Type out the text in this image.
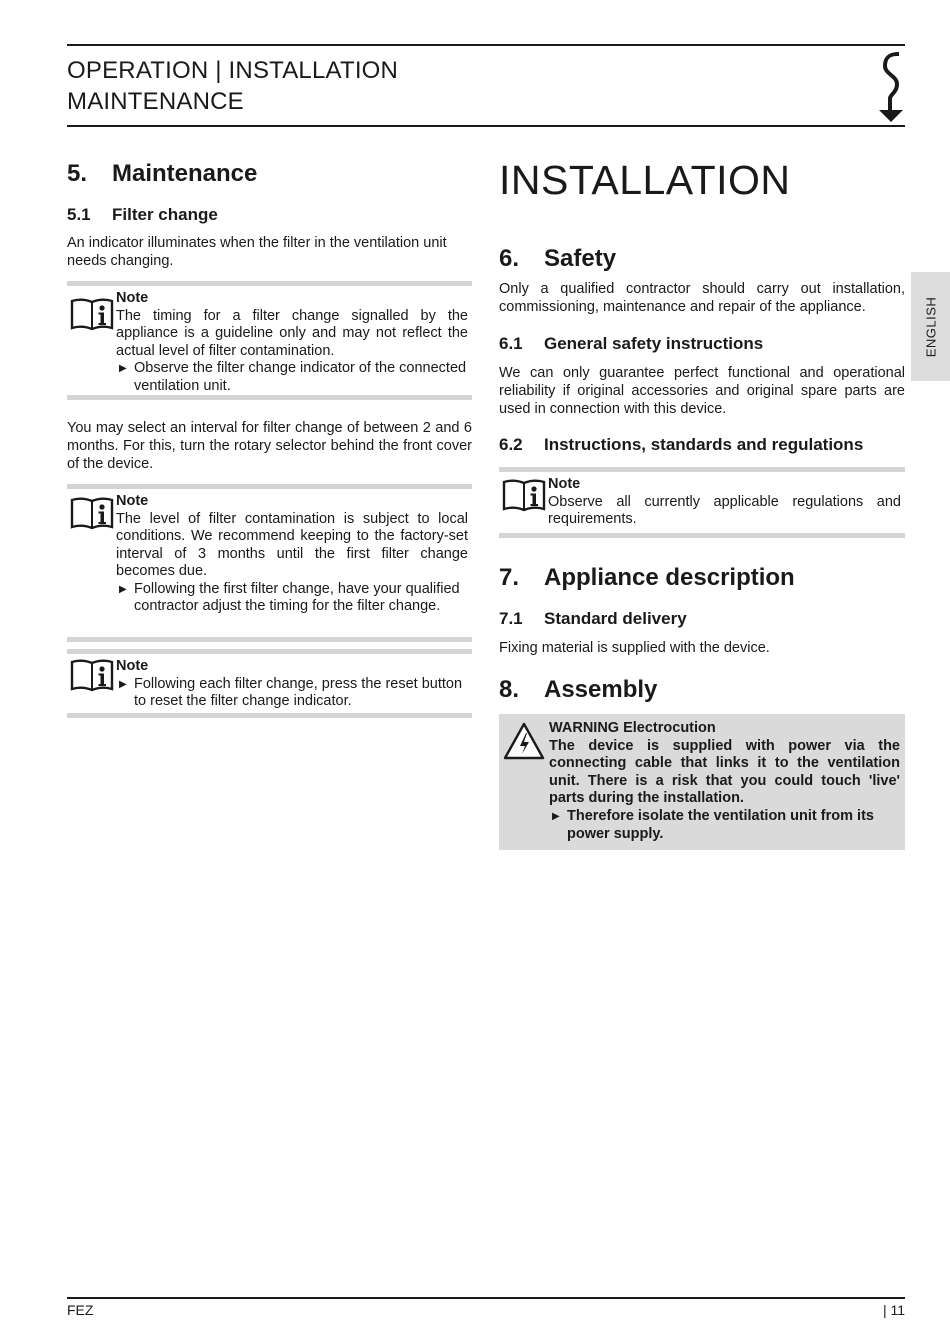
OPERATION | INSTALLATION
MAINTENANCE
ENGLISH
5. Maintenance
5.1 Filter change
An indicator illuminates when the filter in the ventilation unit needs changing.
Note
The timing for a filter change signalled by the appliance is a guideline only and may not reflect the actual level of filter contamination.
▶ Observe the filter change indicator of the connected ventilation unit.
You may select an interval for filter change of between 2 and 6 months. For this, turn the rotary selector behind the front cover of the device.
Note
The level of filter contamination is subject to local conditions. We recommend keeping to the factory-set interval of 3 months until the first filter change becomes due.
▶ Following the first filter change, have your qualified contractor adjust the timing for the filter change.
Note
▶ Following each filter change, press the reset button to reset the filter change indicator.
INSTALLATION
6. Safety
Only a qualified contractor should carry out installation, commissioning, maintenance and repair of the appliance.
6.1 General safety instructions
We can only guarantee perfect functional and operational reliability if original accessories and original spare parts are used in connection with this device.
6.2 Instructions, standards and regulations
Note
Observe all currently applicable regulations and requirements.
7. Appliance description
7.1 Standard delivery
Fixing material is supplied with the device.
8. Assembly
WARNING Electrocution
The device is supplied with power via the connecting cable that links it to the ventilation unit. There is a risk that you could touch 'live' parts during the installation.
▶ Therefore isolate the ventilation unit from its power supply.
FEZ	| 11
